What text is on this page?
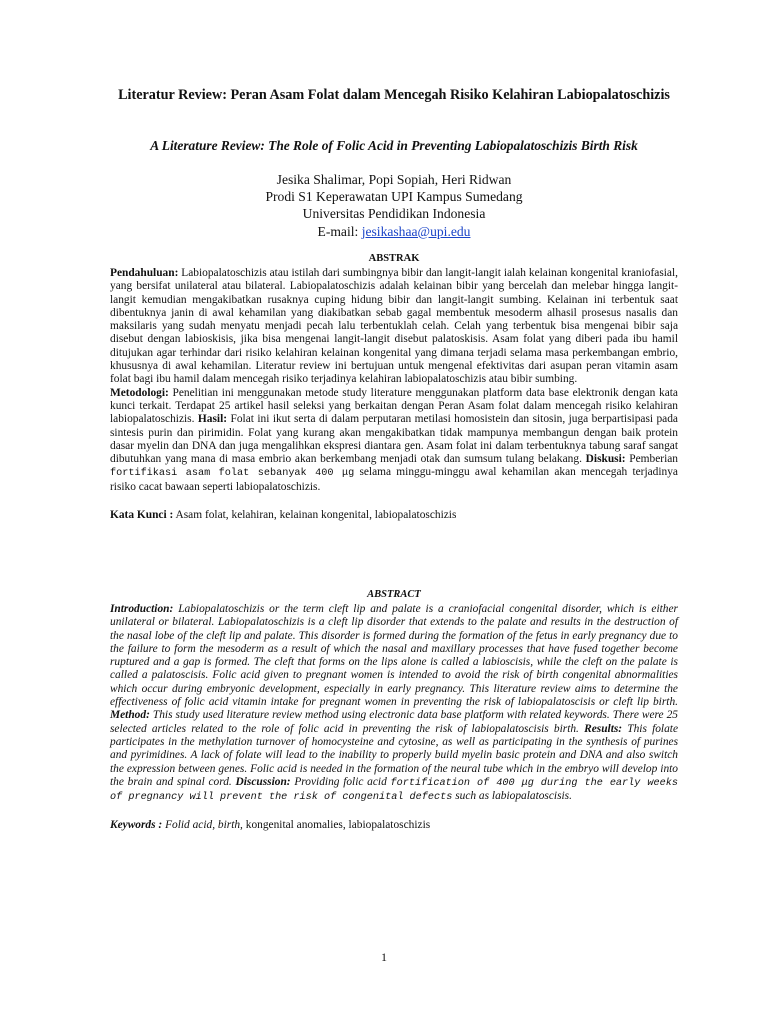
Literatur Review: Peran Asam Folat dalam Mencegah Risiko Kelahiran Labiopalatoschizis
A Literature Review: The Role of Folic Acid in Preventing Labiopalatoschizis Birth Risk
Jesika Shalimar, Popi Sopiah, Heri Ridwan
Prodi S1 Keperawatan UPI Kampus Sumedang
Universitas Pendidikan Indonesia
E-mail: jesikashaa@upi.edu
ABSTRAK
Pendahuluan: Labiopalatoschizis atau istilah dari sumbingnya bibir dan langit-langit ialah kelainan kongenital kraniofasial, yang bersifat unilateral atau bilateral. Labiopalatoschizis adalah kelainan bibir yang bercelah dan melebar hingga langit-langit kemudian mengakibatkan rusaknya cuping hidung bibir dan langit-langit sumbing. Kelainan ini terbentuk saat dibentuknya janin di awal kehamilan yang diakibatkan sebab gagal membentuk mesoderm alhasil prosesus nasalis dan maksilaris yang sudah menyatu menjadi pecah lalu terbentuklah celah. Celah yang terbentuk bisa mengenai bibir saja disebut dengan labioskisis, jika bisa mengenai langit-langit disebut palatoskisis. Asam folat yang diberi pada ibu hamil ditujukan agar terhindar dari risiko kelahiran kelainan kongenital yang dimana terjadi selama masa perkembangan embrio, khususnya di awal kehamilan. Literatur review ini bertujuan untuk mengenal efektivitas dari asupan peran vitamin asam folat bagi ibu hamil dalam mencegah risiko terjadinya kelahiran labiopalatoschizis atau bibir sumbing.
Metodologi: Penelitian ini menggunakan metode study literature menggunakan platform data base elektronik dengan kata kunci terkait. Terdapat 25 artikel hasil seleksi yang berkaitan dengan Peran Asam folat dalam mencegah risiko kelahiran labiopalatoschizis. Hasil: Folat ini ikut serta di dalam perputaran metilasi homosistein dan sitosin, juga berpartisipasi pada sintesis purin dan pirimidin. Folat yang kurang akan mengakibatkan tidak mampunya membangun dengan baik protein dasar myelin dan DNA dan juga mengalihkan ekspresi diantara gen. Asam folat ini dalam terbentuknya tabung saraf sangat dibutuhkan yang mana di masa embrio akan berkembang menjadi otak dan sumsum tulang belakang. Diskusi: Pemberian fortifikasi asam folat sebanyak 400 μg selama minggu-minggu awal kehamilan akan mencegah terjadinya risiko cacat bawaan seperti labiopalatoschizis.
Kata Kunci : Asam folat, kelahiran, kelainan kongenital, labiopalatoschizis
ABSTRACT
Introduction: Labiopalatoschizis or the term cleft lip and palate is a craniofacial congenital disorder, which is either unilateral or bilateral. Labiopalatoschizis is a cleft lip disorder that extends to the palate and results in the destruction of the nasal lobe of the cleft lip and palate. This disorder is formed during the formation of the fetus in early pregnancy due to the failure to form the mesoderm as a result of which the nasal and maxillary processes that have fused together become ruptured and a gap is formed. The cleft that forms on the lips alone is called a labioscisis, while the cleft on the palate is called a palatoscisis. Folic acid given to pregnant women is intended to avoid the risk of birth congenital abnormalities which occur during embryonic development, especially in early pregnancy. This literature review aims to determine the effectiveness of folic acid vitamin intake for pregnant women in preventing the risk of labiopalatoscisis or cleft lip birth. Method: This study used literature review method using electronic data base platform with related keywords. There were 25 selected articles related to the role of folic acid in preventing the risk of labiopalatoscisis birth. Results: This folate participates in the methylation turnover of homocysteine and cytosine, as well as participating in the synthesis of purines and pyrimidines. A lack of folate will lead to the inability to properly build myelin basic protein and DNA and also switch the expression between genes. Folic acid is needed in the formation of the neural tube which in the embryo will develop into the brain and spinal cord. Discussion: Providing folic acid fortification of 400 μg during the early weeks of pregnancy will prevent the risk of congenital defects such as labiopalatoscisis.
Keywords : Folid acid, birth, kongenital anomalies, labiopalatoschizis
1
